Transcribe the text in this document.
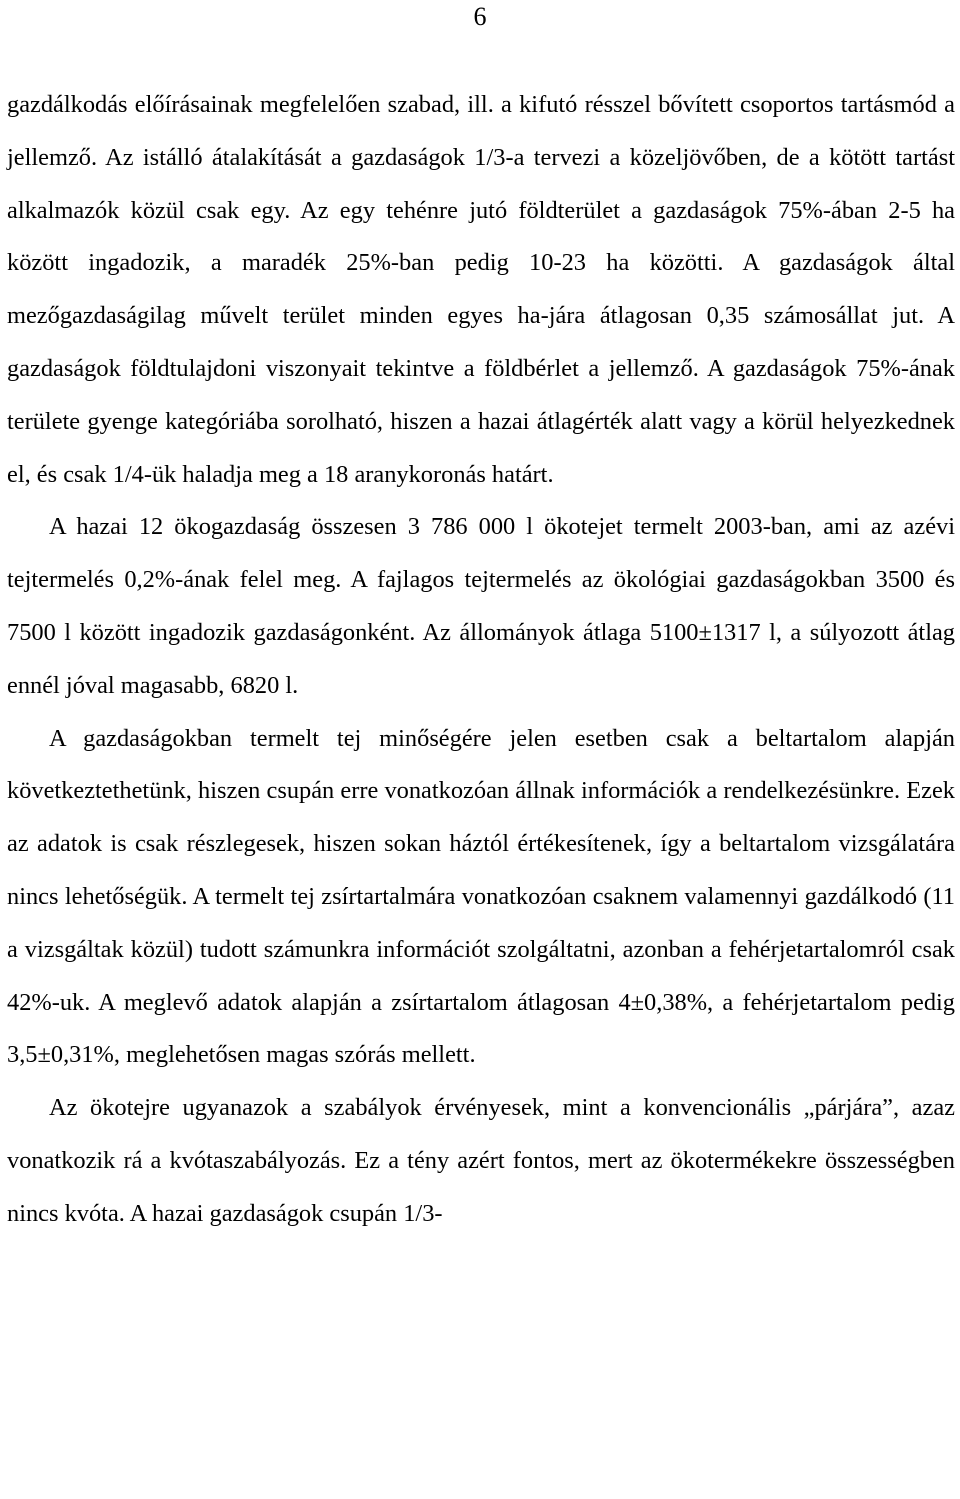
6

gazdálkodás előírásainak megfelelően szabad, ill. a kifutó résszel bővített csoportos tartásmód a jellemző. Az istálló átalakítását a gazdaságok 1/3-a tervezi a közeljövőben, de a kötött tartást alkalmazók közül csak egy. Az egy tehénre jutó földterület a gazdaságok 75%-ában 2-5 ha között ingadozik, a maradék 25%-ban pedig 10-23 ha közötti. A gazdaságok által mezőgazdaságilag művelt terület minden egyes ha-jára átlagosan 0,35 számosállat jut. A gazdaságok földtulajdoni viszonyait tekintve a földbérlet a jellemző. A gazdaságok 75%-ának területe gyenge kategóriába sorolható, hiszen a hazai átlagérték alatt vagy a körül helyezkednek el, és csak 1/4-ük haladja meg a 18 aranykoronás határt.

A hazai 12 ökogazdaság összesen 3 786 000 l ökotejet termelt 2003-ban, ami az azévi tejtermelés 0,2%-ának felel meg. A fajlagos tejtermelés az ökológiai gazdaságokban 3500 és 7500 l között ingadozik gazdaságonként. Az állományok átlaga 5100±1317 l, a súlyozott átlag ennél jóval magasabb, 6820 l.

A gazdaságokban termelt tej minőségére jelen esetben csak a beltartalom alapján következtethetünk, hiszen csupán erre vonatkozóan állnak információk a rendelkezésünkre. Ezek az adatok is csak részlegesek, hiszen sokan háztól értékesítenek, így a beltartalom vizsgálatára nincs lehetőségük. A termelt tej zsírtartalmára vonatkozóan csaknem valamennyi gazdálkodó (11 a vizsgáltak közül) tudott számunkra információt szolgáltatni, azonban a fehérjetartalomról csak 42%-uk. A meglevő adatok alapján a zsírtartalom átlagosan 4±0,38%, a fehérjetartalom pedig 3,5±0,31%, meglehetősen magas szórás mellett.

Az ökotejre ugyanazok a szabályok érvényesek, mint a konvencionális „párjára”, azaz vonatkozik rá a kvótaszabályozás. Ez a tény azért fontos, mert az ökotermékekre összességben nincs kvóta. A hazai gazdaságok csupán 1/3-
